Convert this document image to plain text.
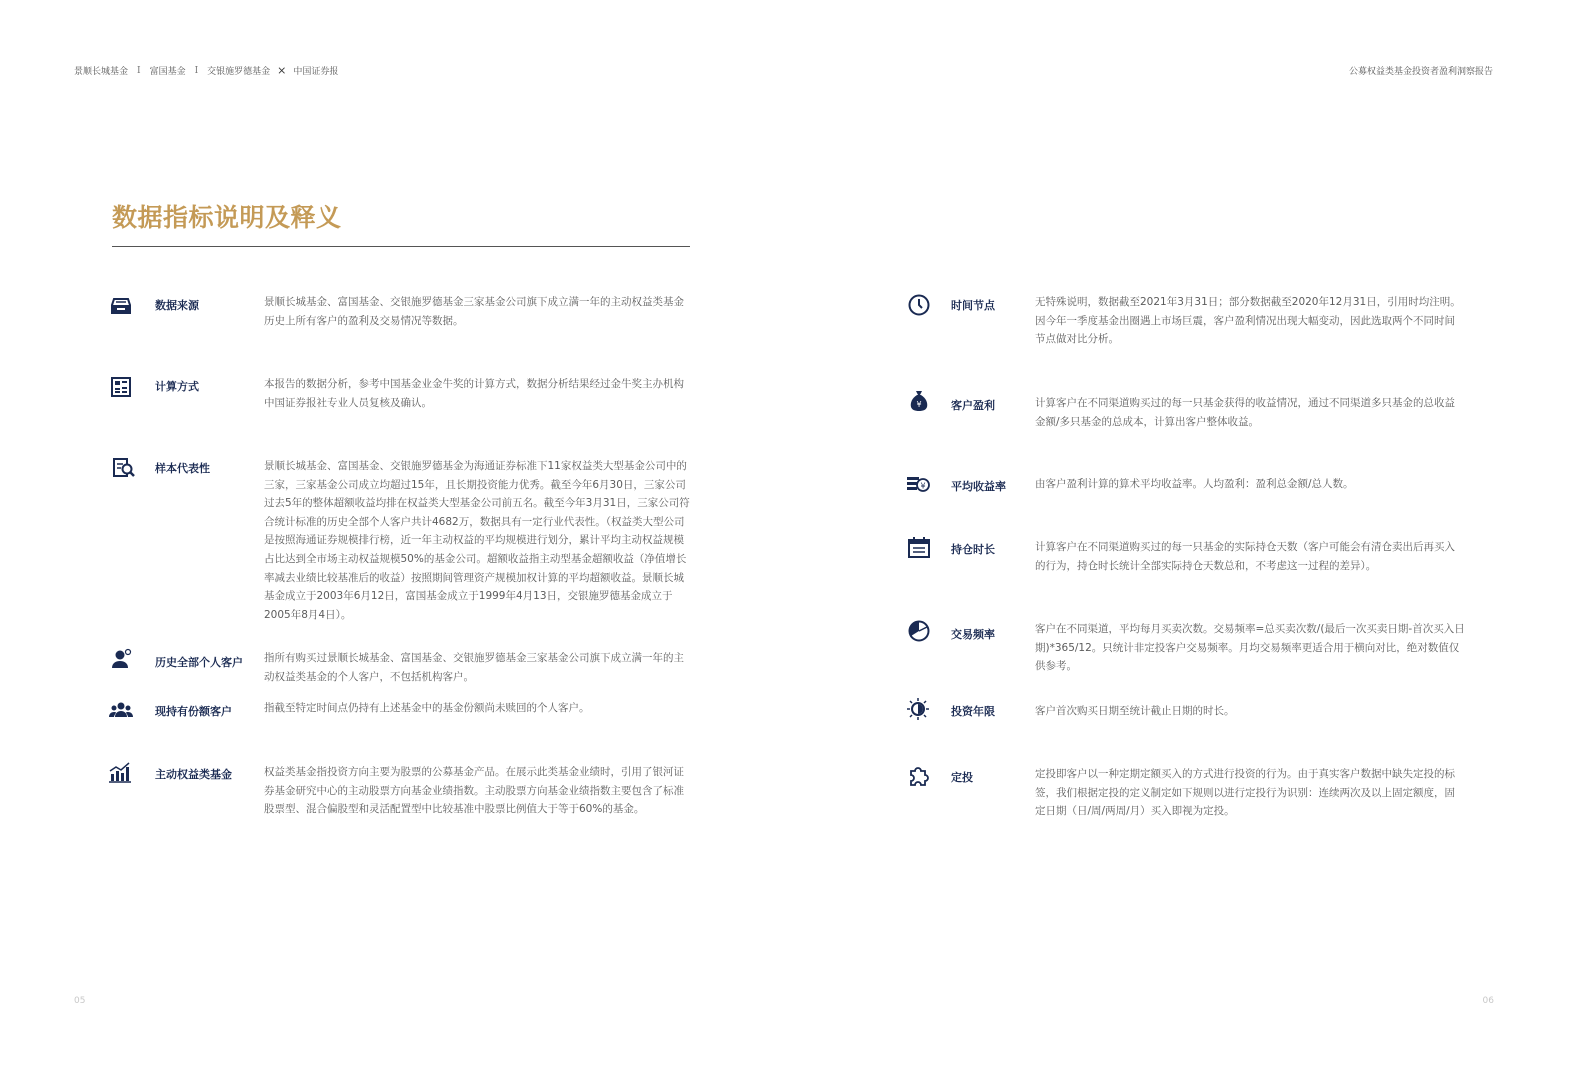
景顺长城基金 I 富国基金 I 交银施罗德基金 × 中国证券报	公募权益类基金投资者盈利洞察报告
数据指标说明及释义
数据来源	景顺长城基金、富国基金、交银施罗德基金三家基金公司旗下成立满一年的主动权益类基金历史上所有客户的盈利及交易情况等数据。
计算方式	本报告的数据分析，参考中国基金业金牛奖的计算方式，数据分析结果经过金牛奖主办机构中国证券报社专业人员复核及确认。
样本代表性	景顺长城基金、富国基金、交银施罗德基金为海通证券标准下11家权益类大型基金公司中的三家，三家基金公司成立均超过15年，且长期投资能力优秀。截至今年6月30日，三家公司过去5年的整体超额收益均排在权益类大型基金公司前五名。截至今年3月31日，三家公司符合统计标准的历史全部个人客户共计4682万，数据具有一定行业代表性。（权益类大型公司是按照海通证券规模排行榜，近一年主动权益的平均规模进行划分，累计平均主动权益规模占比达到全市场主动权益规模50%的基金公司。超额收益指主动型基金超额收益（净值增长率减去业绩比较基准后的收益）按照期间管理资产规模加权计算的平均超额收益。景顺长城基金成立于2003年6月12日，富国基金成立于1999年4月13日，交银施罗德基金成立于2005年8月4日）。
历史全部个人客户 指所有购买过景顺长城基金、富国基金、交银施罗德基金三家基金公司旗下成立满一年的主动权益类基金的个人客户，不包括机构客户。
现持有份额客户	指截至特定时间点仍持有上述基金中的基金份额尚未赎回的个人客户。
主动权益类基金	权益类基金指投资方向主要为股票的公募基金产品。在展示此类基金业绩时，引用了银河证券基金研究中心的主动股票方向基金业绩指数。主动股票方向基金业绩指数主要包含了标准股票型、混合偏股型和灵活配置型中比较基准中股票比例值大于等于60%的基金。
时间节点	无特殊说明，数据截至2021年3月31日；部分数据截至2020年12月31日，引用时均注明。因今年一季度基金出圈遇上市场巨震，客户盈利情况出现大幅变动，因此选取两个不同时间节点做对比分析。
¥	客户盈利	计算客户在不同渠道购买过的每一只基金获得的收益情况，通过不同渠道多只基金的总收益金额/多只基金的总成本，计算出客户整体收益。
¥ 平均收益率	由客户盈利计算的算术平均收益率。人均盈利：盈利总金额/总人数。
持仓时长	计算客户在不同渠道购买过的每一只基金的实际持仓天数（客户可能会有清仓卖出后再买入的行为，持仓时长统计全部实际持仓天数总和，不考虑这一过程的差异）。
交易频率	客户在不同渠道，平均每月买卖次数。交易频率=总买卖次数/(最后一次买卖日期-首次买入日期)*365/12。只统计非定投客户交易频率。月均交易频率更适合用于横向对比，绝对数值仅供参考。
投资年限	客户首次购买日期至统计截止日期的时长。
定投	定投即客户以一种定期定额买入的方式进行投资的行为。由于真实客户数据中缺失定投的标签，我们根据定投的定义制定如下规则以进行定投行为识别：连续两次及以上固定额度，固定日期（日/周/两周/月）买入即视为定投。
05	06
